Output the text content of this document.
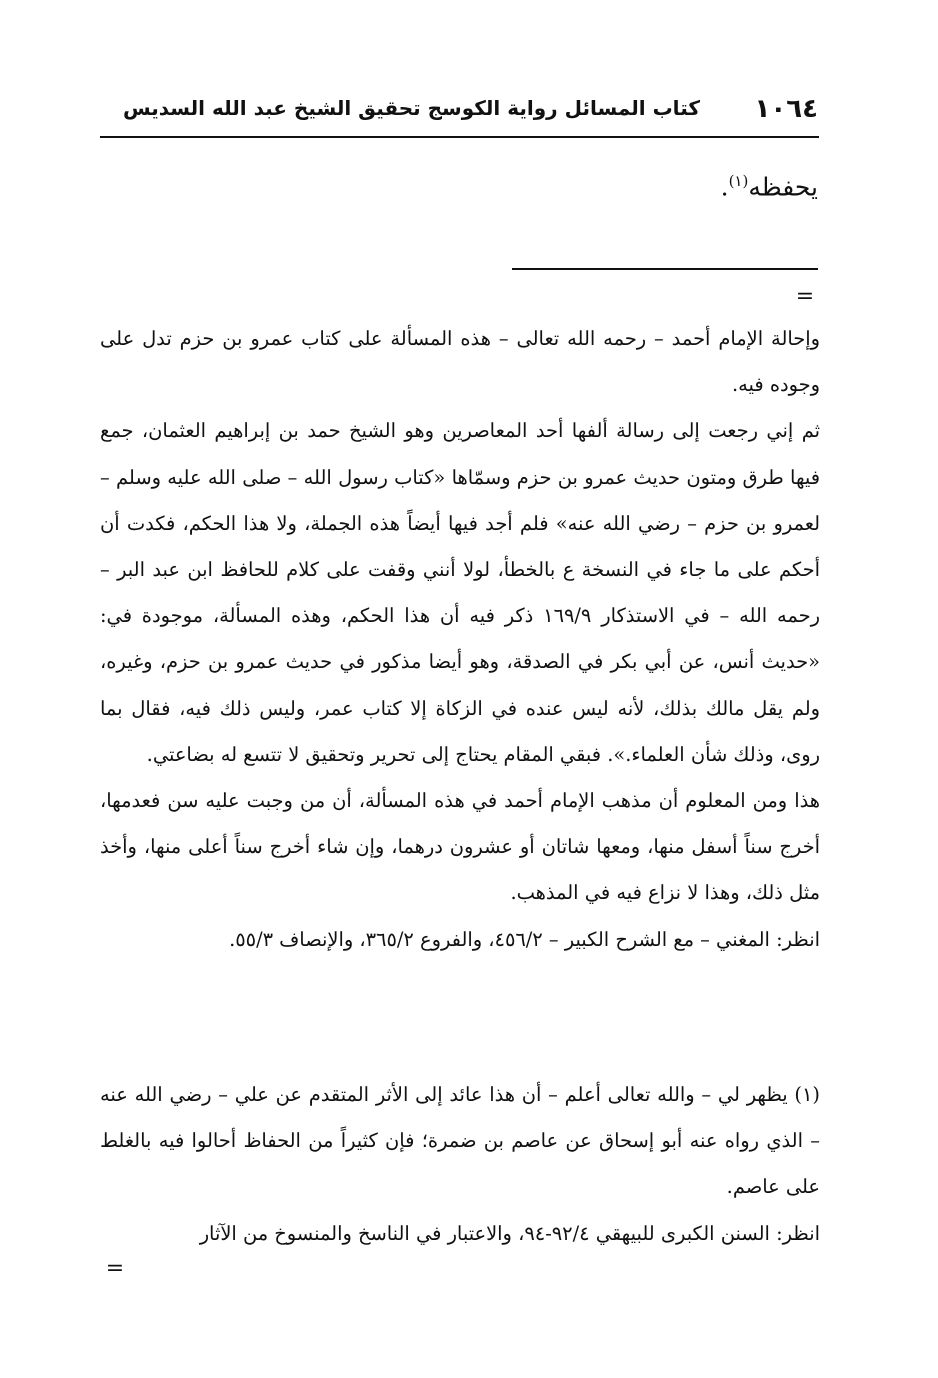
١٠٦٤
كتاب المسائل رواية الكوسج تحقيق الشيخ عبد الله السديس
يحفظه$^{(١)}$.
=

وإحالة الإمام أحمد – رحمه الله تعالى – هذه المسألة على كتاب عمرو بن حزم تدل على وجوده فيه.

ثم إني رجعت إلى رسالة ألفها أحد المعاصرين وهو الشيخ حمد بن إبراهيم العثمان، جمع فيها طرق ومتون حديث عمرو بن حزم وسمّاها «كتاب رسول الله – صلى الله عليه وسلم – لعمرو بن حزم – رضي الله عنه» فلم أجد فيها أيضاً هذه الجملة، ولا هذا الحكم، فكدت أن أحكم على ما جاء في النسخة ع بالخطأ، لولا أنني وقفت على كلام للحافظ ابن عبد البر – رحمه الله – في الاستذكار ١٦٩/٩ ذكر فيه أن هذا الحكم، وهذه المسألة، موجودة في: «حديث أنس، عن أبي بكر في الصدقة، وهو أيضا مذكور في حديث عمرو بن حزم، وغيره، ولم يقل مالك بذلك، لأنه ليس عنده في الزكاة إلا كتاب عمر، وليس ذلك فيه، فقال بما روى، وذلك شأن العلماء.». فبقي المقام يحتاج إلى تحرير وتحقيق لا تتسع له بضاعتي.

هذا ومن المعلوم أن مذهب الإمام أحمد في هذه المسألة، أن من وجبت عليه سن فعدمها، أخرج سناً أسفل منها، ومعها شاتان أو عشرون درهما، وإن شاء أخرج سناً أعلى منها، وأخذ مثل ذلك، وهذا لا نزاع فيه في المذهب.

انظر: المغني – مع الشرح الكبير – ٤٥٦/٢، والفروع ٣٦٥/٢، والإنصاف ٥٥/٣.

(١) يظهر لي – والله تعالى أعلم – أن هذا عائد إلى الأثر المتقدم عن علي – رضي الله عنه – الذي رواه عنه أبو إسحاق عن عاصم بن ضمرة؛ فإن كثيراً من الحفاظ أحالوا فيه بالغلط على عاصم.

انظر: السنن الكبرى للبيهقي ٩٢/٤-٩٤، والاعتبار في الناسخ والمنسوخ من الآثار

=
